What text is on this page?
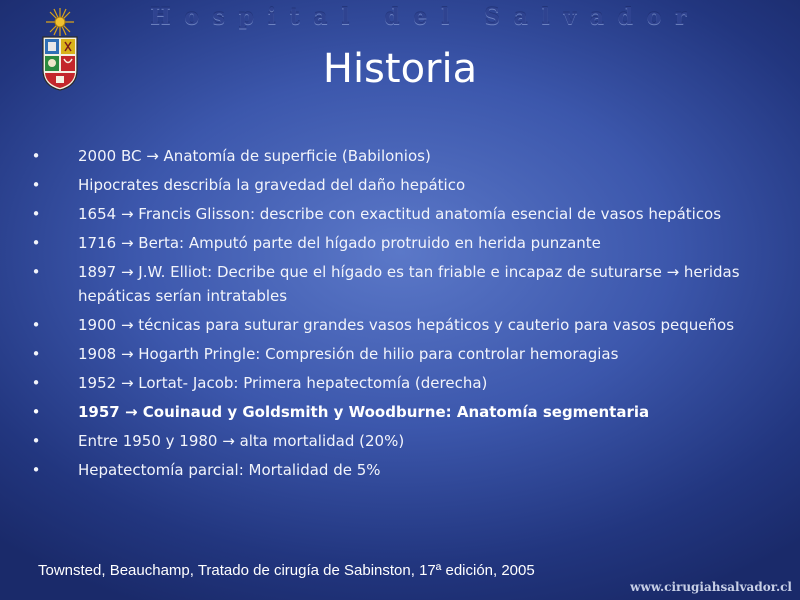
Hospital del Salvador
Historia
•	2000 BC → Anatomía de superficie (Babilonios)
•	Hipocrates describía la gravedad del daño hepático
•	1654 → Francis Glisson: describe con exactitud anatomía esencial de vasos hepáticos
•	1716 → Berta: Amputó parte del hígado protruido en herida punzante
•	1897 → J.W. Elliot: Decribe que el hígado es tan friable e incapaz de suturarse → heridas hepáticas serían intratables
•	1900 → técnicas para suturar grandes vasos hepáticos y cauterio para vasos pequeños
•	1908 → Hogarth Pringle: Compresión de hilio para controlar hemoragias
•	1952 → Lortat- Jacob: Primera hepatectomía (derecha)
•	1957 → Couinaud y Goldsmith y Woodburne: Anatomía segmentaria
•	Entre 1950 y 1980 → alta mortalidad (20%)
•	Hepatectomía parcial: Mortalidad de 5%
Townsted, Beauchamp, Tratado de cirugía de Sabinston, 17ª edición, 2005
www.cirugiahsalvador.cl
